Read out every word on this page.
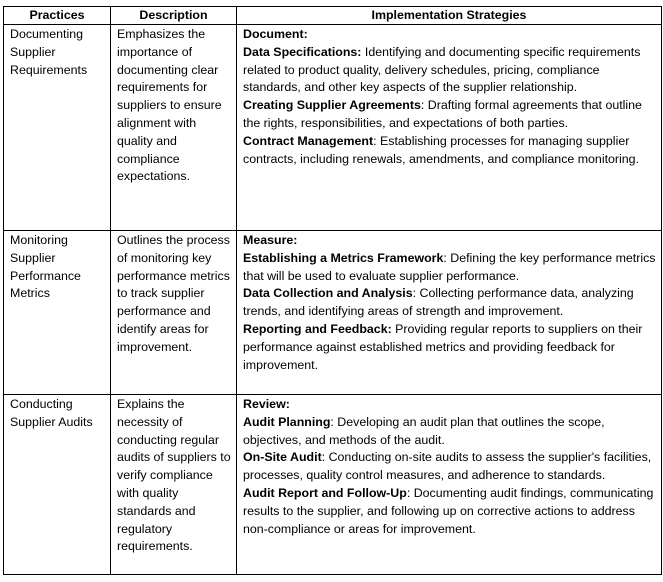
Practices	Description	Implementation Strategies
Documenting Supplier Requirements	Emphasizes the importance of documenting clear requirements for suppliers to ensure alignment with quality and compliance expectations.	Document:

Data Specifications: Identifying and documenting specific requirements related to product quality, delivery schedules, pricing, compliance standards, and other key aspects of the supplier relationship.

Creating Supplier Agreements: Drafting formal agreements that outline the rights, responsibilities, and expectations of both parties.

Contract Management: Establishing processes for managing supplier contracts, including renewals, amendments, and compliance monitoring.

Monitoring Supplier Performance Metrics	Outlines the process of monitoring key performance metrics to track supplier performance and identify areas for improvement.	Measure:

Establishing a Metrics Framework: Defining the key performance metrics that will be used to evaluate supplier performance.

Data Collection and Analysis: Collecting performance data, analyzing trends, and identifying areas of strength and improvement.

Reporting and Feedback: Providing regular reports to suppliers on their performance against established metrics and providing feedback for improvement.

Conducting Supplier Audits	Explains the necessity of conducting regular audits of suppliers to verify compliance with quality standards and regulatory requirements.	Review:

Audit Planning: Developing an audit plan that outlines the scope, objectives, and methods of the audit.

On-Site Audit: Conducting on-site audits to assess the supplier's facilities, processes, quality control measures, and adherence to standards.

Audit Report and Follow-Up: Documenting audit findings, communicating results to the supplier, and following up on corrective actions to address non-compliance or areas for improvement.
